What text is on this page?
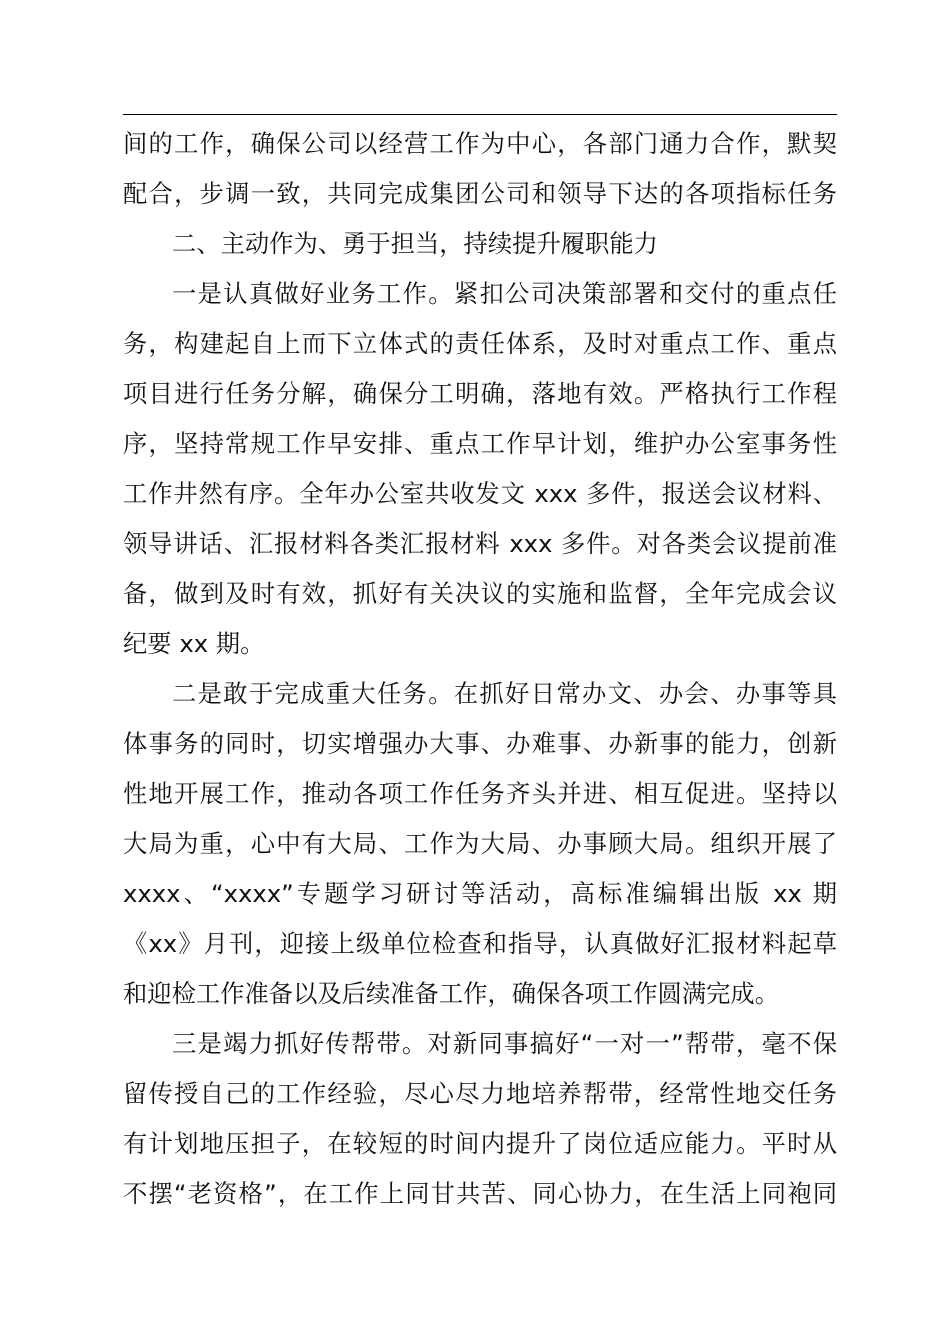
间的工作，确保公司以经营工作为中心，各部门通力合作，默契
配合，步调一致，共同完成集团公司和领导下达的各项指标任务
二、主动作为、勇于担当，持续提升履职能力
一是认真做好业务工作。紧扣公司决策部署和交付的重点任
务，构建起自上而下立体式的责任体系，及时对重点工作、重点
项目进行任务分解，确保分工明确，落地有效。严格执行工作程
序，坚持常规工作早安排、重点工作早计划，维护办公室事务性
工作井然有序。全年办公室共收发文 xxx 多件，报送会议材料、
领导讲话、汇报材料各类汇报材料 xxx 多件。对各类会议提前准
备，做到及时有效，抓好有关决议的实施和监督，全年完成会议
纪要 xx 期。
二是敢于完成重大任务。在抓好日常办文、办会、办事等具
体事务的同时，切实增强办大事、办难事、办新事的能力，创新
性地开展工作，推动各项工作任务齐头并进、相互促进。坚持以
大局为重，心中有大局、工作为大局、办事顾大局。组织开展了
xxxx、“xxxx”专题学习研讨等活动，高标准编辑出版 xx 期
《xx》月刊，迎接上级单位检查和指导，认真做好汇报材料起草
和迎检工作准备以及后续准备工作，确保各项工作圆满完成。
三是竭力抓好传帮带。对新同事搞好“一对一”帮带，毫不保
留传授自己的工作经验，尽心尽力地培养帮带，经常性地交任务
有计划地压担子，在较短的时间内提升了岗位适应能力。平时从
不摆“老资格”，在工作上同甘共苦、同心协力，在生活上同袍同
